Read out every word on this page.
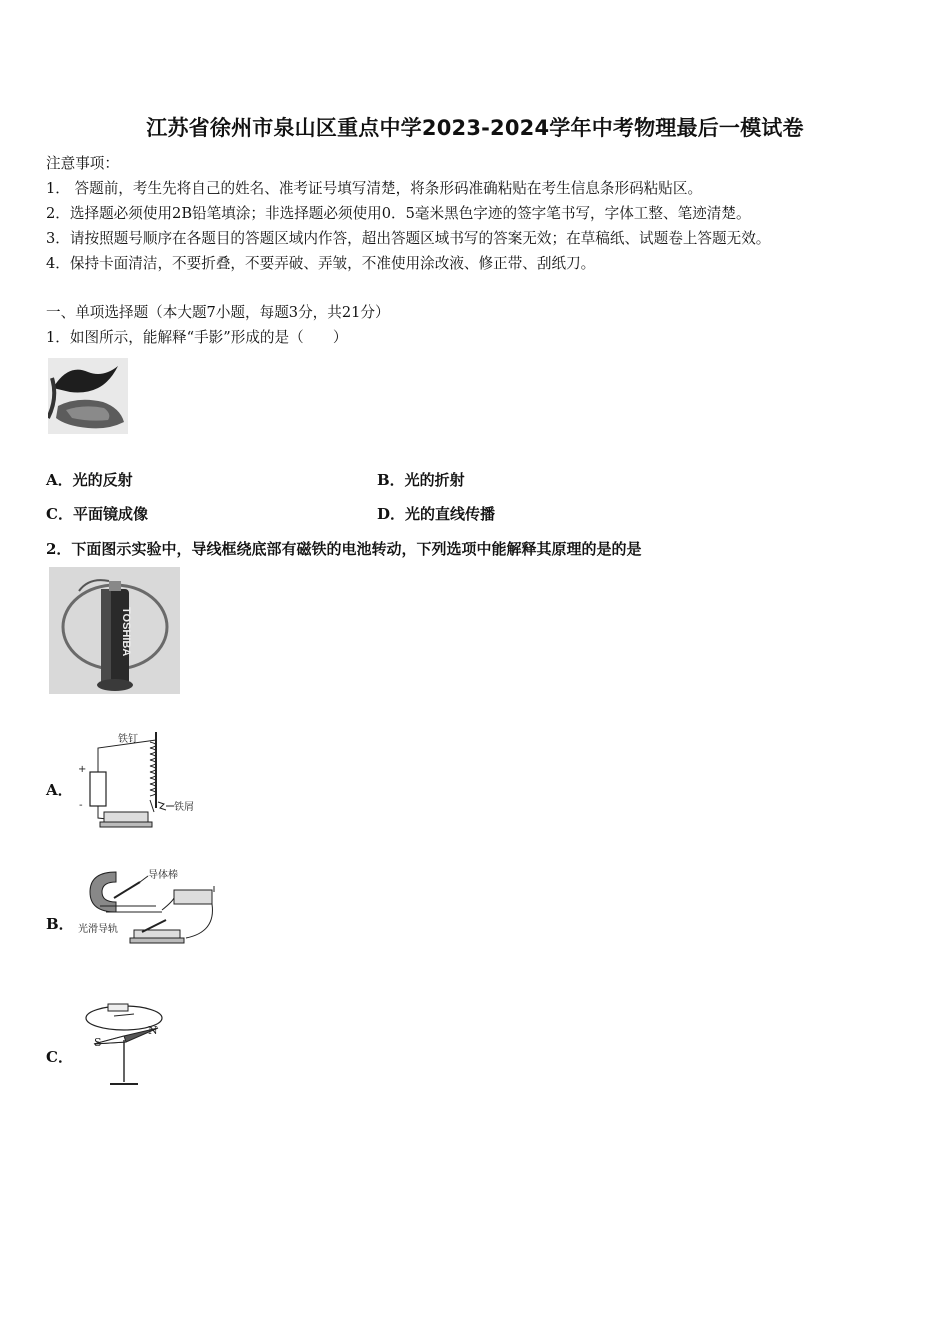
江苏省徐州市泉山区重点中学2023-2024学年中考物理最后一模试卷
注意事项：
1． 答题前，考生先将自己的姓名、准考证号填写清楚，将条形码准确粘贴在考生信息条形码粘贴区。
2．选择题必须使用2B铅笔填涂；非选择题必须使用0．5毫米黑色字迹的签字笔书写，字体工整、笔迹清楚。
3．请按照题号顺序在各题目的答题区域内作答，超出答题区域书写的答案无效；在草稿纸、试题卷上答题无效。
4．保持卡面清洁，不要折叠，不要弄破、弄皱，不准使用涂改液、修正带、刮纸刀。
一、单项选择题（本大题7小题，每题3分，共21分）
1．如图所示，能解释“手影”形成的是（　　）
A．光的反射	B．光的折射
C．平面镜成像	D．光的直线传播
2．下面图示实验中，导线框绕底部有磁铁的电池转动，下列选项中能解释其原理的是的是
TOSHIBA
A．
铁钉
+
-	铁屑
B．
导体棒
光滑导轨
C．
S
N
